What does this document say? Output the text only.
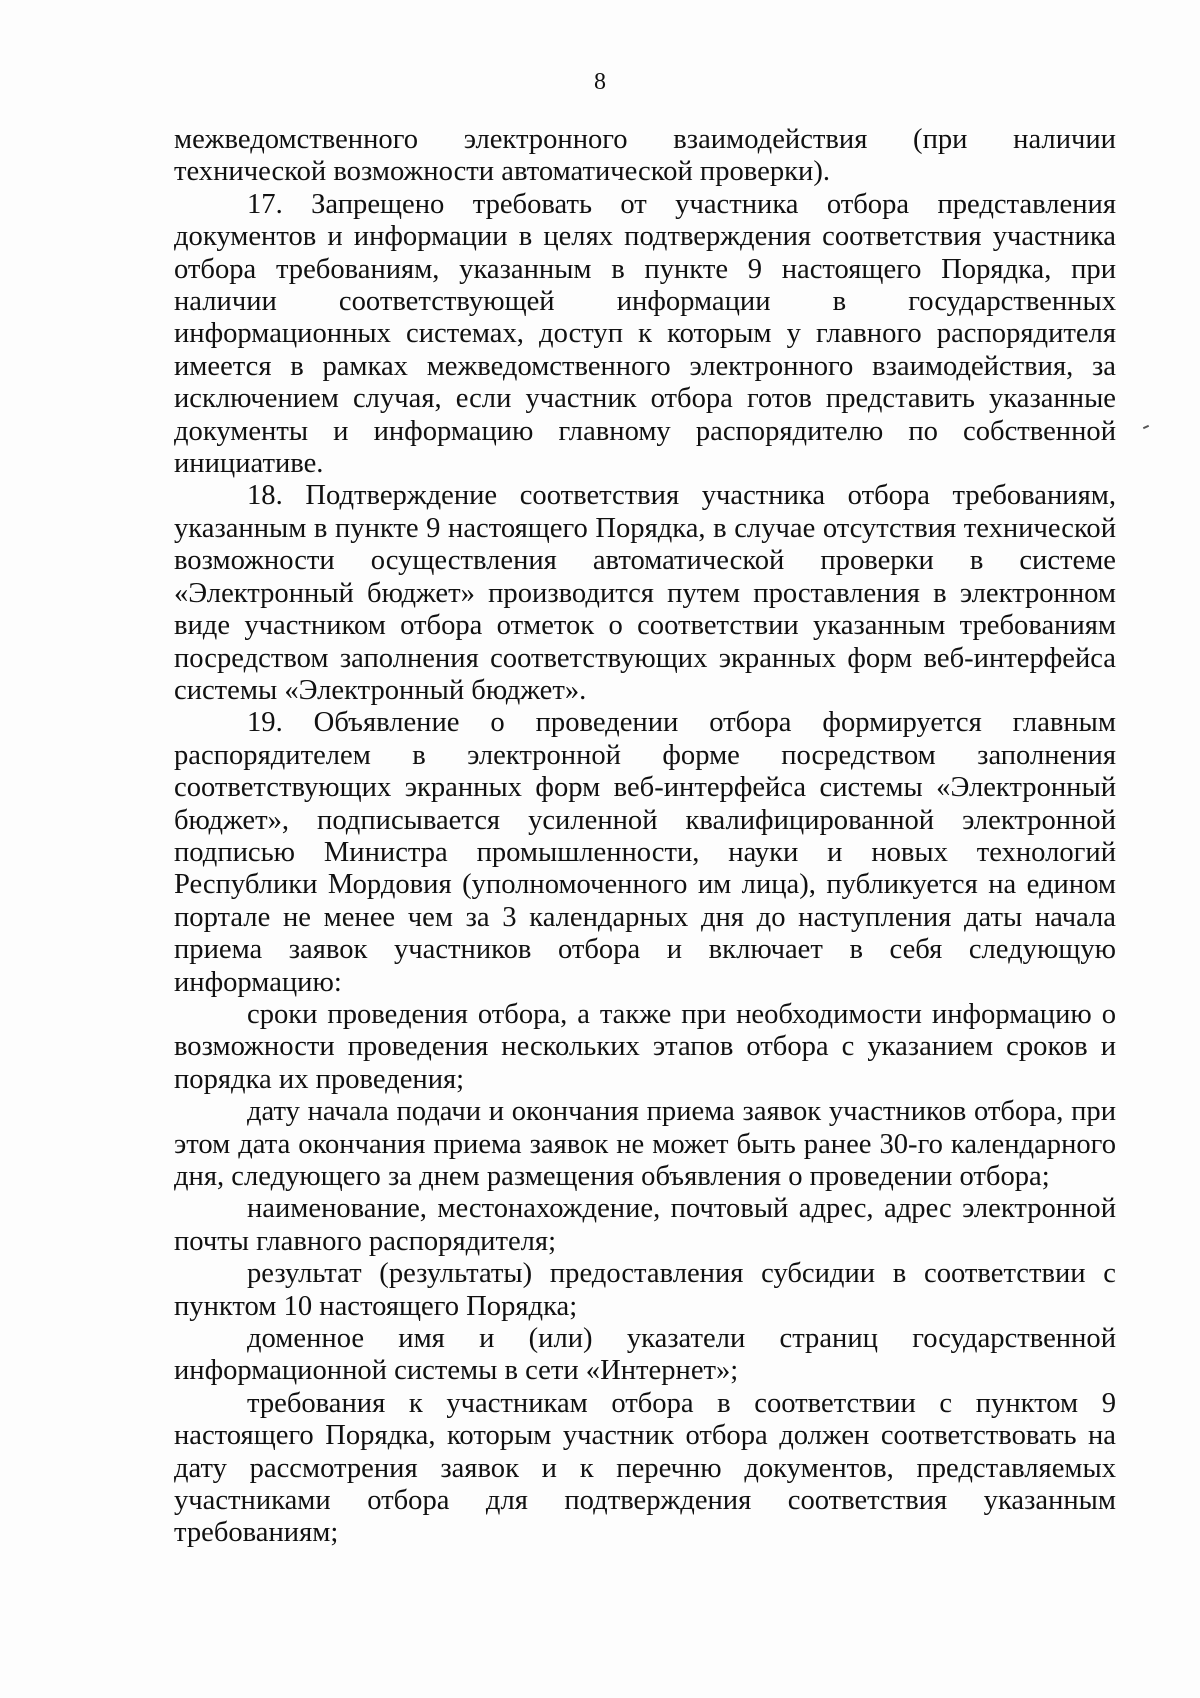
8

межведомственного электронного взаимодействия (при наличии технической возможности автоматической проверки).

17. Запрещено требовать от участника отбора представления документов и информации в целях подтверждения соответствия участника отбора требованиям, указанным в пункте 9 настоящего Порядка, при наличии соответствующей информации в государственных информационных системах, доступ к которым у главного распорядителя имеется в рамках межведомственного электронного взаимодействия, за исключением случая, если участник отбора готов представить указанные документы и информацию главному распорядителю по собственной инициативе.

18. Подтверждение соответствия участника отбора требованиям, указанным в пункте 9 настоящего Порядка, в случае отсутствия технической возможности осуществления автоматической проверки в системе «Электронный бюджет» производится путем проставления в электронном виде участником отбора отметок о соответствии указанным требованиям посредством заполнения соответствующих экранных форм веб-интерфейса системы «Электронный бюджет».

19. Объявление о проведении отбора формируется главным распорядителем в электронной форме посредством заполнения соответствующих экранных форм веб-интерфейса системы «Электронный бюджет», подписывается усиленной квалифицированной электронной подписью Министра промышленности, науки и новых технологий Республики Мордовия (уполномоченного им лица), публикуется на едином портале не менее чем за 3 календарных дня до наступления даты начала приема заявок участников отбора и включает в себя следующую информацию:

сроки проведения отбора, а также при необходимости информацию о возможности проведения нескольких этапов отбора с указанием сроков и порядка их проведения;

дату начала подачи и окончания приема заявок участников отбора, при этом дата окончания приема заявок не может быть ранее 30-го календарного дня, следующего за днем размещения объявления о проведении отбора;

наименование, местонахождение, почтовый адрес, адрес электронной почты главного распорядителя;

результат (результаты) предоставления субсидии в соответствии с пунктом 10 настоящего Порядка;

доменное имя и (или) указатели страниц государственной информационной системы в сети «Интернет»;

требования к участникам отбора в соответствии с пунктом 9 настоящего Порядка, которым участник отбора должен соответствовать на дату рассмотрения заявок и к перечню документов, представляемых участниками отбора для подтверждения соответствия указанным требованиям;
